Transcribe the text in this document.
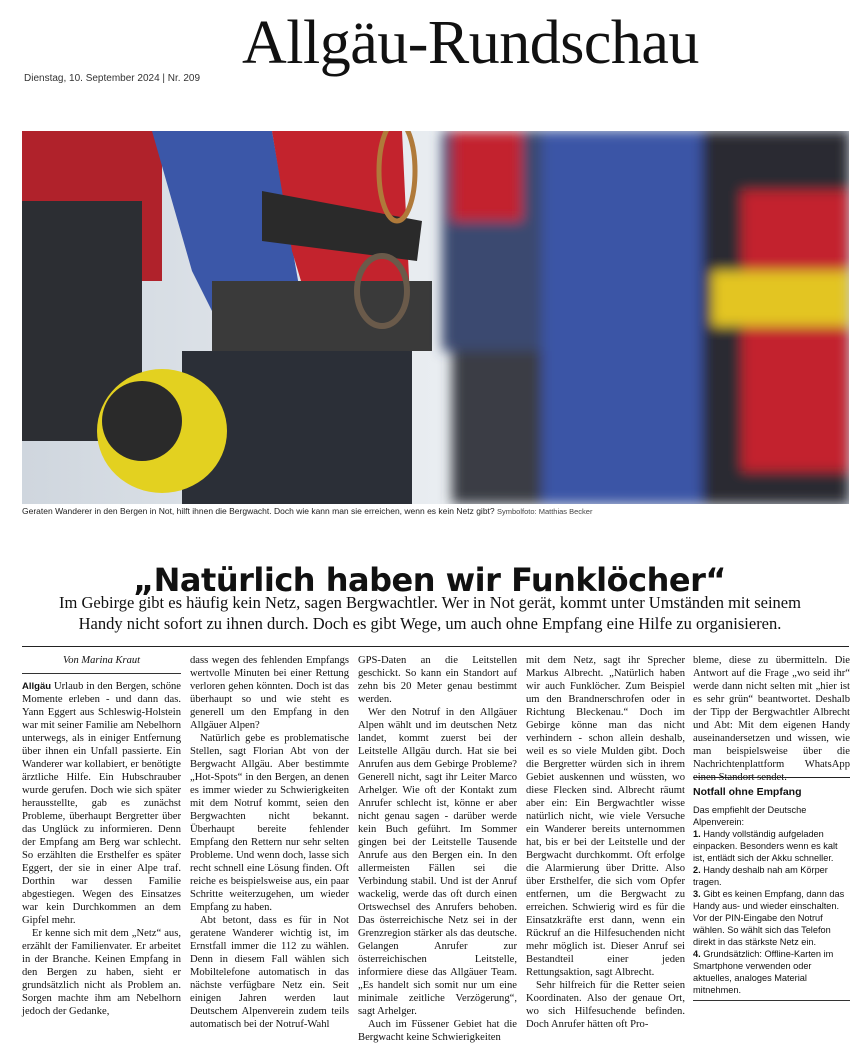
Dienstag, 10. September 2024 | Nr. 209
Allgäu-Rundschau
Geraten Wanderer in den Bergen in Not, hilft ihnen die Bergwacht. Doch wie kann man sie erreichen, wenn es kein Netz gibt? Symbolfoto: Matthias Becker
„Natürlich haben wir Funklöcher“
Im Gebirge gibt es häufig kein Netz, sagen Bergwachtler. Wer in Not gerät, kommt unter Umständen mit seinem Handy nicht sofort zu ihnen durch. Doch es gibt Wege, um auch ohne Empfang eine Hilfe zu organisieren.
Von Marina Kraut

Allgäu Urlaub in den Bergen, schöne Momente erleben - und dann das. Yann Eggert aus Schleswig-Holstein war mit seiner Familie am Nebelhorn unterwegs, als in einiger Entfernung über ihnen ein Unfall passierte. Ein Wanderer war kollabiert, er benötigte ärztliche Hilfe. Ein Hubschrauber wurde gerufen. Doch wie sich später herausstellte, gab es zunächst Probleme, überhaupt Bergretter über das Unglück zu informieren. Denn der Empfang am Berg war schlecht. So erzählten die Ersthelfer es später Eggert, der sie in einer Alpe traf. Dorthin war dessen Familie abgestiegen. Wegen des Einsatzes war kein Durchkommen an dem Gipfel mehr.

Er kenne sich mit dem „Netz“ aus, erzählt der Familienvater. Er arbeitet in der Branche. Keinen Empfang in den Bergen zu haben, sieht er grundsätzlich nicht als Problem an. Sorgen machte ihm am Nebelhorn jedoch der Gedanke,

dass wegen des fehlenden Empfangs wertvolle Minuten bei einer Rettung verloren gehen könnten. Doch ist das überhaupt so und wie steht es generell um den Empfang in den Allgäuer Alpen?

Natürlich gebe es problematische Stellen, sagt Florian Abt von der Bergwacht Allgäu. Aber bestimmte „Hot-Spots“ in den Bergen, an denen es immer wieder zu Schwierigkeiten mit dem Notruf kommt, seien den Bergwachten nicht bekannt. Überhaupt bereite fehlender Empfang den Rettern nur sehr selten Probleme. Und wenn doch, lasse sich recht schnell eine Lösung finden. Oft reiche es beispielsweise aus, ein paar Schritte weiterzugehen, um wieder Empfang zu haben.

Abt betont, dass es für in Not geratene Wanderer wichtig ist, im Ernstfall immer die 112 zu wählen. Denn in diesem Fall wählen sich Mobiltelefone automatisch in das nächste verfügbare Netz ein. Seit einigen Jahren werden laut Deutschem Alpenverein zudem teils automatisch bei der Notruf-Wahl

GPS-Daten an die Leitstellen geschickt. So kann ein Standort auf zehn bis 20 Meter genau bestimmt werden.

Wer den Notruf in den Allgäuer Alpen wählt und im deutschen Netz landet, kommt zuerst bei der Leitstelle Allgäu durch. Hat sie bei Anrufen aus dem Gebirge Probleme? Generell nicht, sagt ihr Leiter Marco Arhelger. Wie oft der Kontakt zum Anrufer schlecht ist, könne er aber nicht genau sagen - darüber werde kein Buch geführt. Im Sommer gingen bei der Leitstelle Tausende Anrufe aus den Bergen ein. In den allermeisten Fällen sei die Verbindung stabil. Und ist der Anruf wackelig, werde das oft durch einen Ortswechsel des Anrufers behoben. Das österreichische Netz sei in der Grenzregion stärker als das deutsche. Gelangen Anrufer zur österreichischen Leitstelle, informiere diese das Allgäuer Team. „Es handelt sich somit nur um eine minimale zeitliche Verzögerung“, sagt Arhelger.

Auch im Füssener Gebiet hat die Bergwacht keine Schwierigkeiten

mit dem Netz, sagt ihr Sprecher Markus Albrecht. „Natürlich haben wir auch Funklöcher. Zum Beispiel um den Brandnerschrofen oder in Richtung Bleckenau.“ Doch im Gebirge könne man das nicht verhindern - schon allein deshalb, weil es so viele Mulden gibt. Doch die Bergretter würden sich in ihrem Gebiet auskennen und wüssten, wo diese Flecken sind. Albrecht räumt aber ein: Ein Bergwachtler wisse natürlich nicht, wie viele Versuche ein Wanderer bereits unternommen hat, bis er bei der Leitstelle und der Bergwacht durchkommt. Oft erfolge die Alarmierung über Dritte. Also über Ersthelfer, die sich vom Opfer entfernen, um die Bergwacht zu erreichen. Schwierig wird es für die Einsatzkräfte erst dann, wenn ein Rückruf an die Hilfesuchenden nicht mehr möglich ist. Dieser Anruf sei Bestandteil einer jeden Rettungsaktion, sagt Albrecht.

Sehr hilfreich für die Retter seien Koordinaten. Also der genaue Ort, wo sich Hilfesuchende befinden. Doch Anrufer hätten oft Pro-

bleme, diese zu übermitteln. Die Antwort auf die Frage „wo seid ihr“ werde dann nicht selten mit „hier ist es sehr grün“ beantwortet. Deshalb der Tipp der Bergwachtler Albrecht und Abt: Mit dem eigenen Handy auseinandersetzen und wissen, wie man beispielsweise über die Nachrichtenplattform WhatsApp einen Standort sendet.

Notfall ohne Empfang

Das empfiehlt der Deutsche Alpenverein:

1. Handy vollständig aufgeladen einpacken. Besonders wenn es kalt ist, entlädt sich der Akku schneller.

2. Handy deshalb nah am Körper tragen.

3. Gibt es keinen Empfang, dann das Handy aus- und wieder einschalten. Vor der PIN-Eingabe den Notruf wählen. So wählt sich das Telefon direkt in das stärkste Netz ein.

4. Grundsätzlich: Offline-Karten im Smartphone verwenden oder aktuelles, analoges Material mitnehmen.
